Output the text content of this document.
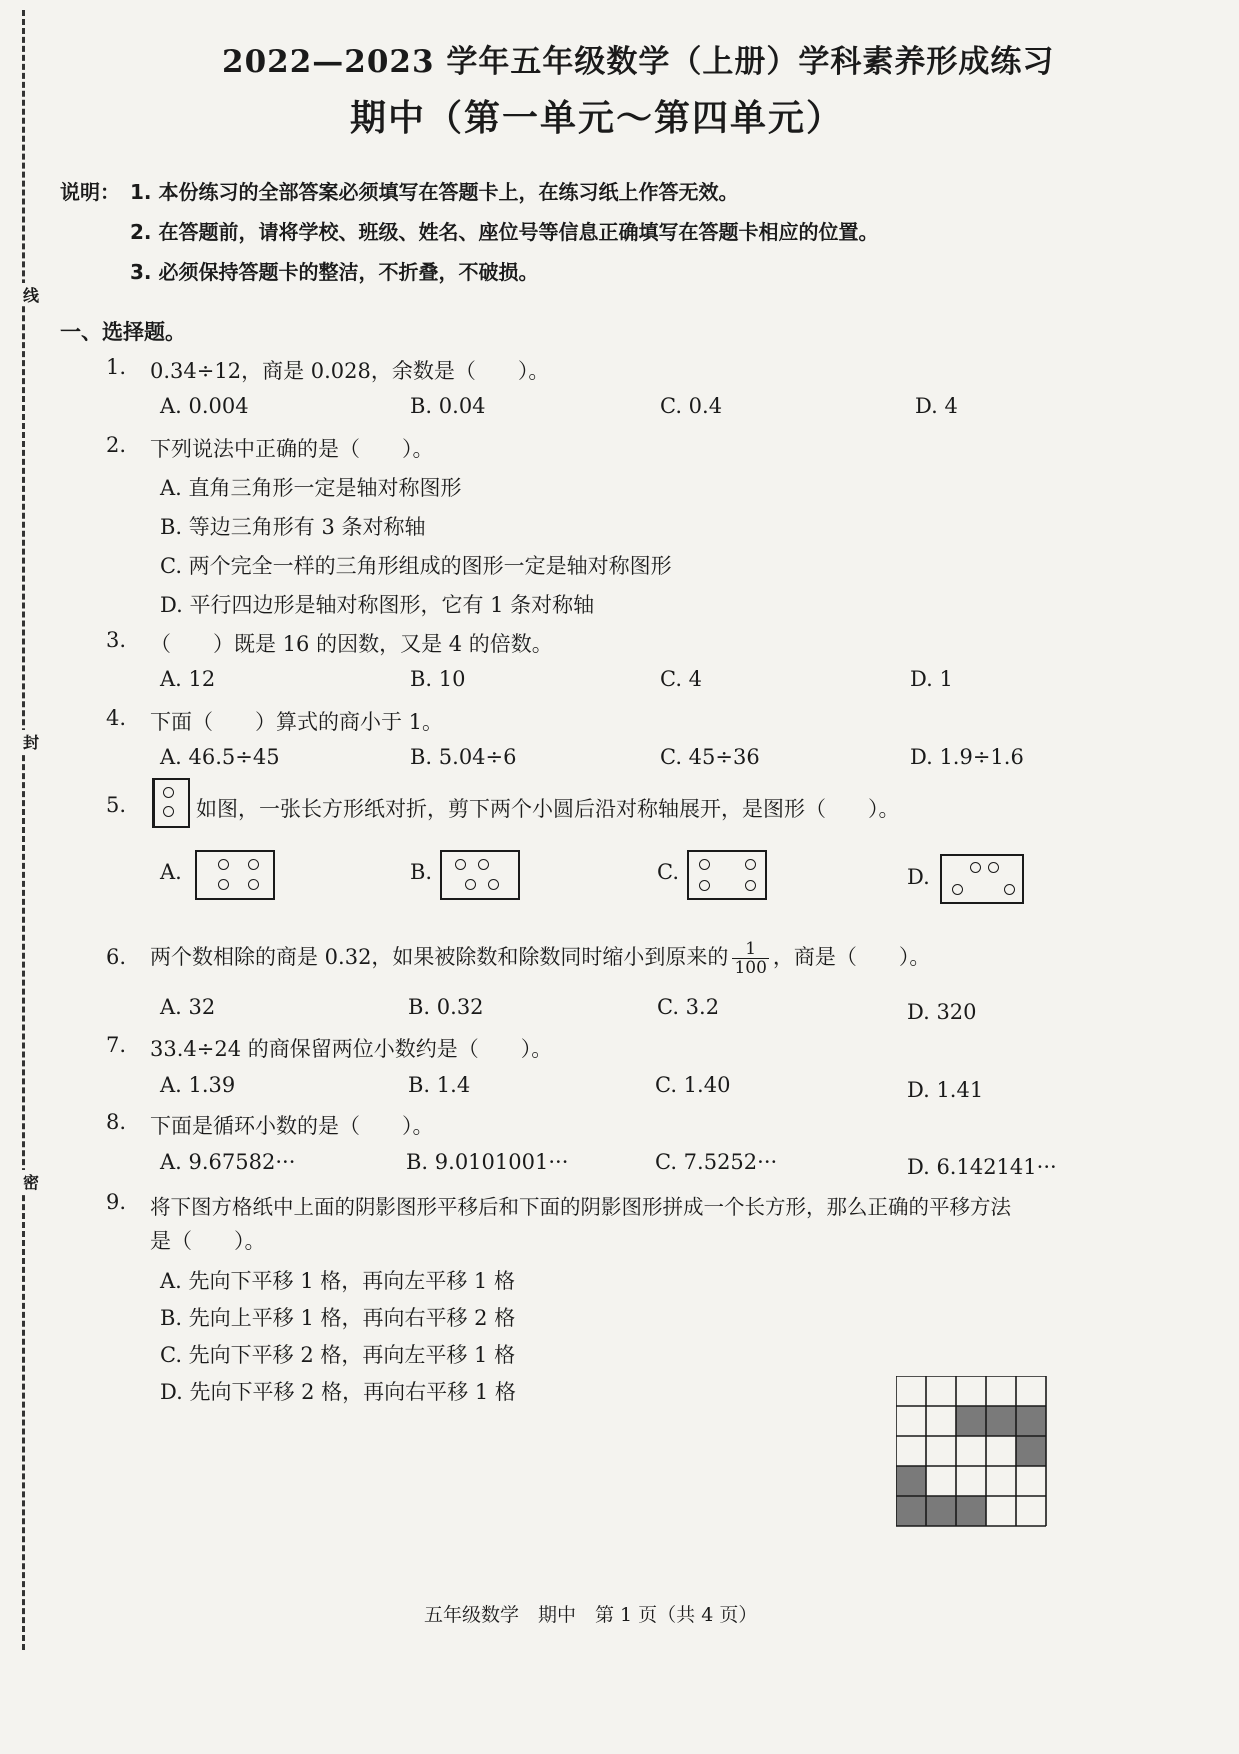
线
封
密
2022—2023 学年五年级数学（上册）学科素养形成练习
期中（第一单元～第四单元）
说明： 1. 本份练习的全部答案必须填写在答题卡上，在练习纸上作答无效。
2. 在答题前，请将学校、班级、姓名、座位号等信息正确填写在答题卡相应的位置。
3. 必须保持答题卡的整洁，不折叠，不破损。
一、选择题。
1. 0.34÷12，商是 0.028，余数是（　　）。
A. 0.004	B. 0.04	C. 0.4	D. 4
2. 下列说法中正确的是（　　）。
A. 直角三角形一定是轴对称图形
B. 等边三角形有 3 条对称轴
C. 两个完全一样的三角形组成的图形一定是轴对称图形
D. 平行四边形是轴对称图形，它有 1 条对称轴
3. （　　）既是 16 的因数，又是 4 的倍数。
A. 12	B. 10	C. 4	D. 1
4. 下面（　　）算式的商小于 1。
A. 46.5÷45	B. 5.04÷6	C. 45÷36	D. 1.9÷1.6
5.	如图，一张长方形纸对折，剪下两个小圆后沿对称轴展开，是图形（　　）。
A.	B.	C.	D.
6. 两个数相除的商是 0.32，如果被除数和除数同时缩小到原来的 $\frac{1}{100}$ ，商是（　　）。
A. 32	B. 0.32	C. 3.2	D. 320
7. 33.4÷24 的商保留两位小数约是（　　）。
A. 1.39	B. 1.4	C. 1.40	D. 1.41
8. 下面是循环小数的是（　　）。
A. 9.67582···	B. 9.0101001···	C. 7.5252···	D. 6.142141···
9. 将下图方格纸中上面的阴影图形平移后和下面的阴影图形拼成一个长方形，那么正确的平移方法
是（　　）。
A. 先向下平移 1 格，再向左平移 1 格
B. 先向上平移 1 格，再向右平移 2 格
C. 先向下平移 2 格，再向左平移 1 格
D. 先向下平移 2 格，再向右平移 1 格
五年级数学　期中　第 1 页（共 4 页）
